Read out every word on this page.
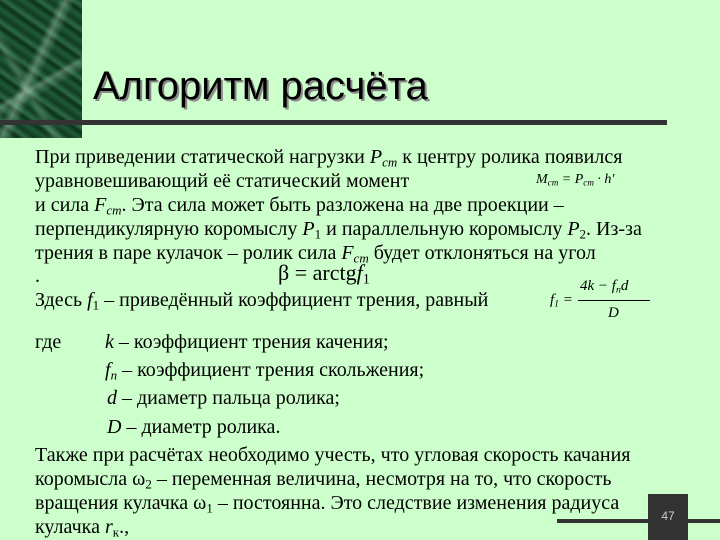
Алгоритм расчёта

При приведении статической нагрузки $P_{ст}$ к центру ролика появился

уравновешивающий её статический момент	$M_{ст} = P_{ст} \cdot h'$

и сила $F_{ст}$. Эта сила может быть разложена на две проекции –

перпендикулярную коромыслу $P_1$ и параллельную коромыслу $P_2$. Из-за

трения в паре кулачок – ролик сила $F_{ст}$ будет отклоняться на угол

.	β = arctgf$_1$

Здесь $f_1$ – приведённый коэффициент трения, равный	$f_1$ =
$4k - f_nd$
D

где k – коэффициент трения качения;

$f_n$ – коэффициент трения скольжения;

d – диаметр пальца ролика;

D – диаметр ролика.

Также при расчётах необходимо учесть, что угловая скорость качания

коромысла $\omega_2$ – переменная величина, несмотря на то, что скорость

вращения кулачка $\omega_1$ – постоянна. Это следствие изменения радиуса

47
кулачка $r_к$.,
